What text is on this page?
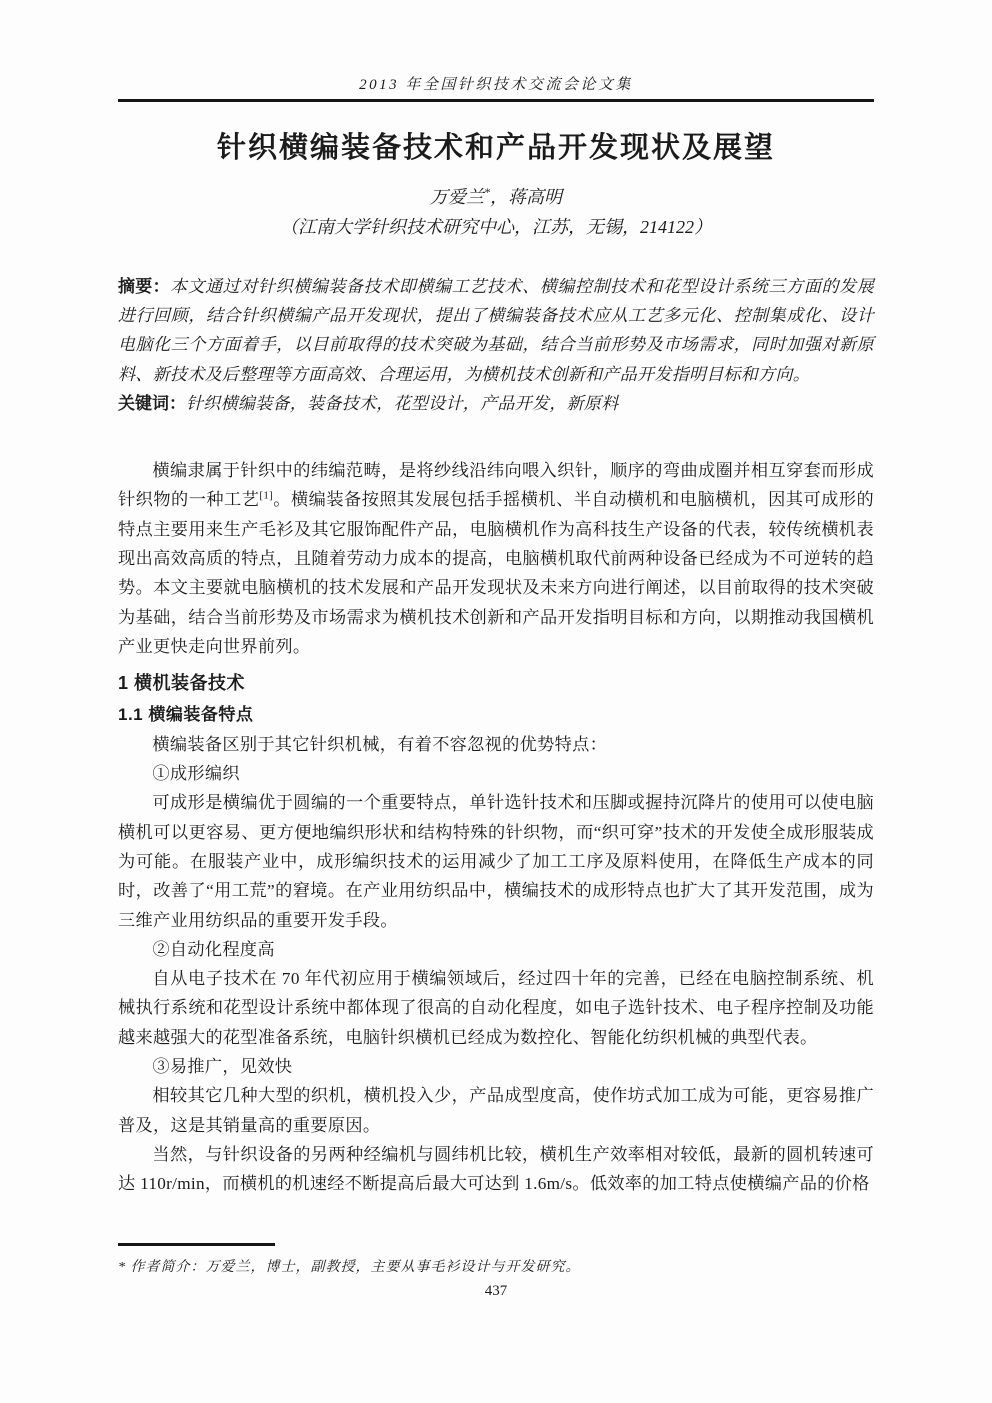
2013 年全国针织技术交流会论文集
针织横编装备技术和产品开发现状及展望
万爱兰*，蒋高明
（江南大学针织技术研究中心，江苏，无锡，214122）

摘要：本文通过对针织横编装备技术即横编工艺技术、横编控制技术和花型设计系统三方面的发展进行回顾，结合针织横编产品开发现状，提出了横编装备技术应从工艺多元化、控制集成化、设计电脑化三个方面着手，以目前取得的技术突破为基础，结合当前形势及市场需求，同时加强对新原料、新技术及后整理等方面高效、合理运用，为横机技术创新和产品开发指明目标和方向。

关键词：针织横编装备，装备技术，花型设计，产品开发，新原料

横编隶属于针织中的纬编范畴，是将纱线沿纬向喂入织针，顺序的弯曲成圈并相互穿套而形成针织物的一种工艺[1]。横编装备按照其发展包括手摇横机、半自动横机和电脑横机，因其可成形的特点主要用来生产毛衫及其它服饰配件产品，电脑横机作为高科技生产设备的代表，较传统横机表现出高效高质的特点，且随着劳动力成本的提高，电脑横机取代前两种设备已经成为不可逆转的趋势。本文主要就电脑横机的技术发展和产品开发现状及未来方向进行阐述，以目前取得的技术突破为基础，结合当前形势及市场需求为横机技术创新和产品开发指明目标和方向，以期推动我国横机产业更快走向世界前列。

1 横机装备技术
1.1 横编装备特点

横编装备区别于其它针织机械，有着不容忽视的优势特点：

①成形编织

可成形是横编优于圆编的一个重要特点，单针选针技术和压脚或握持沉降片的使用可以使电脑横机可以更容易、更方便地编织形状和结构特殊的针织物，而“织可穿”技术的开发使全成形服装成为可能。在服装产业中，成形编织技术的运用减少了加工工序及原料使用，在降低生产成本的同时，改善了“用工荒”的窘境。在产业用纺织品中，横编技术的成形特点也扩大了其开发范围，成为三维产业用纺织品的重要开发手段。

②自动化程度高

自从电子技术在 70 年代初应用于横编领域后，经过四十年的完善，已经在电脑控制系统、机械执行系统和花型设计系统中都体现了很高的自动化程度，如电子选针技术、电子程序控制及功能越来越强大的花型准备系统，电脑针织横机已经成为数控化、智能化纺织机械的典型代表。

③易推广，见效快

相较其它几种大型的织机，横机投入少，产品成型度高，使作坊式加工成为可能，更容易推广普及，这是其销量高的重要原因。

当然，与针织设备的另两种经编机与圆纬机比较，横机生产效率相对较低，最新的圆机转速可达 110r/min，而横机的机速经不断提高后最大可达到 1.6m/s。低效率的加工特点使横编产品的价格

* 作者简介：万爱兰，博士，副教授，主要从事毛衫设计与开发研究。
437
